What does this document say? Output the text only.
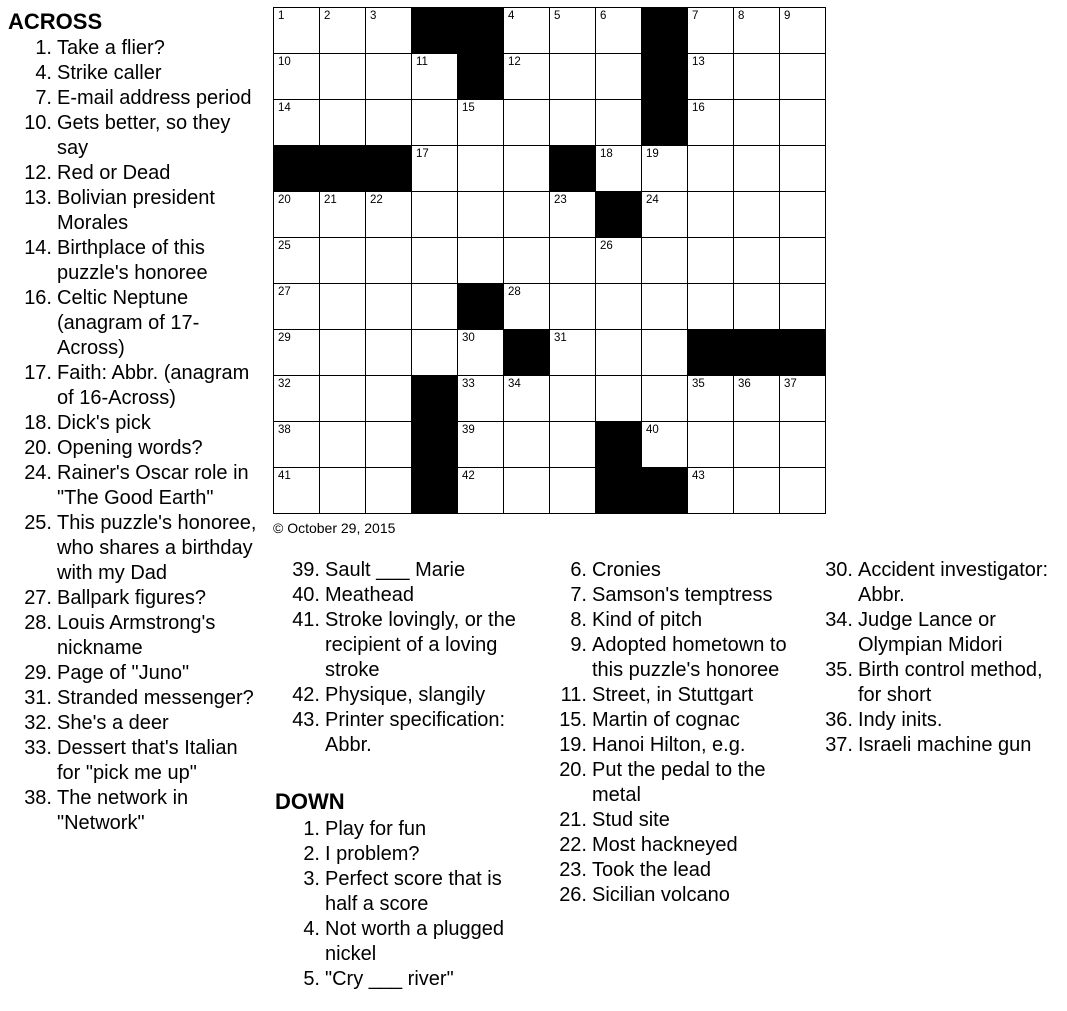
ACROSS
1. Take a flier?
4. Strike caller
7. E-mail address period
10. Gets better, so they say
12. Red or Dead
13. Bolivian president Morales
14. Birthplace of this puzzle's honoree
16. Celtic Neptune (anagram of 17-Across)
17. Faith: Abbr. (anagram of 16-Across)
18. Dick's pick
20. Opening words?
24. Rainer's Oscar role in "The Good Earth"
25. This puzzle's honoree, who shares a birthday with my Dad
27. Ballpark figures?
28. Louis Armstrong's nickname
29. Page of "Juno"
31. Stranded messenger?
32. She's a deer
33. Dessert that's Italian for "pick me up"
38. The network in "Network"
1	2	3	4	5	6	7	8	9
10	11	12	13
14	15	16
17	18	19
20	21	22	23	24
25	26
27	28
29	30	31
32	33	34	35	36	37
38	39	40
41	42	43
© October 29, 2015
39. Sault ___ Marie
40. Meathead
41. Stroke lovingly, or the recipient of a loving stroke
42. Physique, slangily
43. Printer specification: Abbr.
DOWN
1. Play for fun
2. I problem?
3. Perfect score that is half a score
4. Not worth a plugged nickel
5. "Cry ___ river"
6. Cronies
7. Samson's temptress
8. Kind of pitch
9. Adopted hometown to this puzzle's honoree
11. Street, in Stuttgart
15. Martin of cognac
19. Hanoi Hilton, e.g.
20. Put the pedal to the metal
21. Stud site
22. Most hackneyed
23. Took the lead
26. Sicilian volcano
30. Accident investigator: Abbr.
34. Judge Lance or Olympian Midori
35. Birth control method, for short
36. Indy inits.
37. Israeli machine gun
